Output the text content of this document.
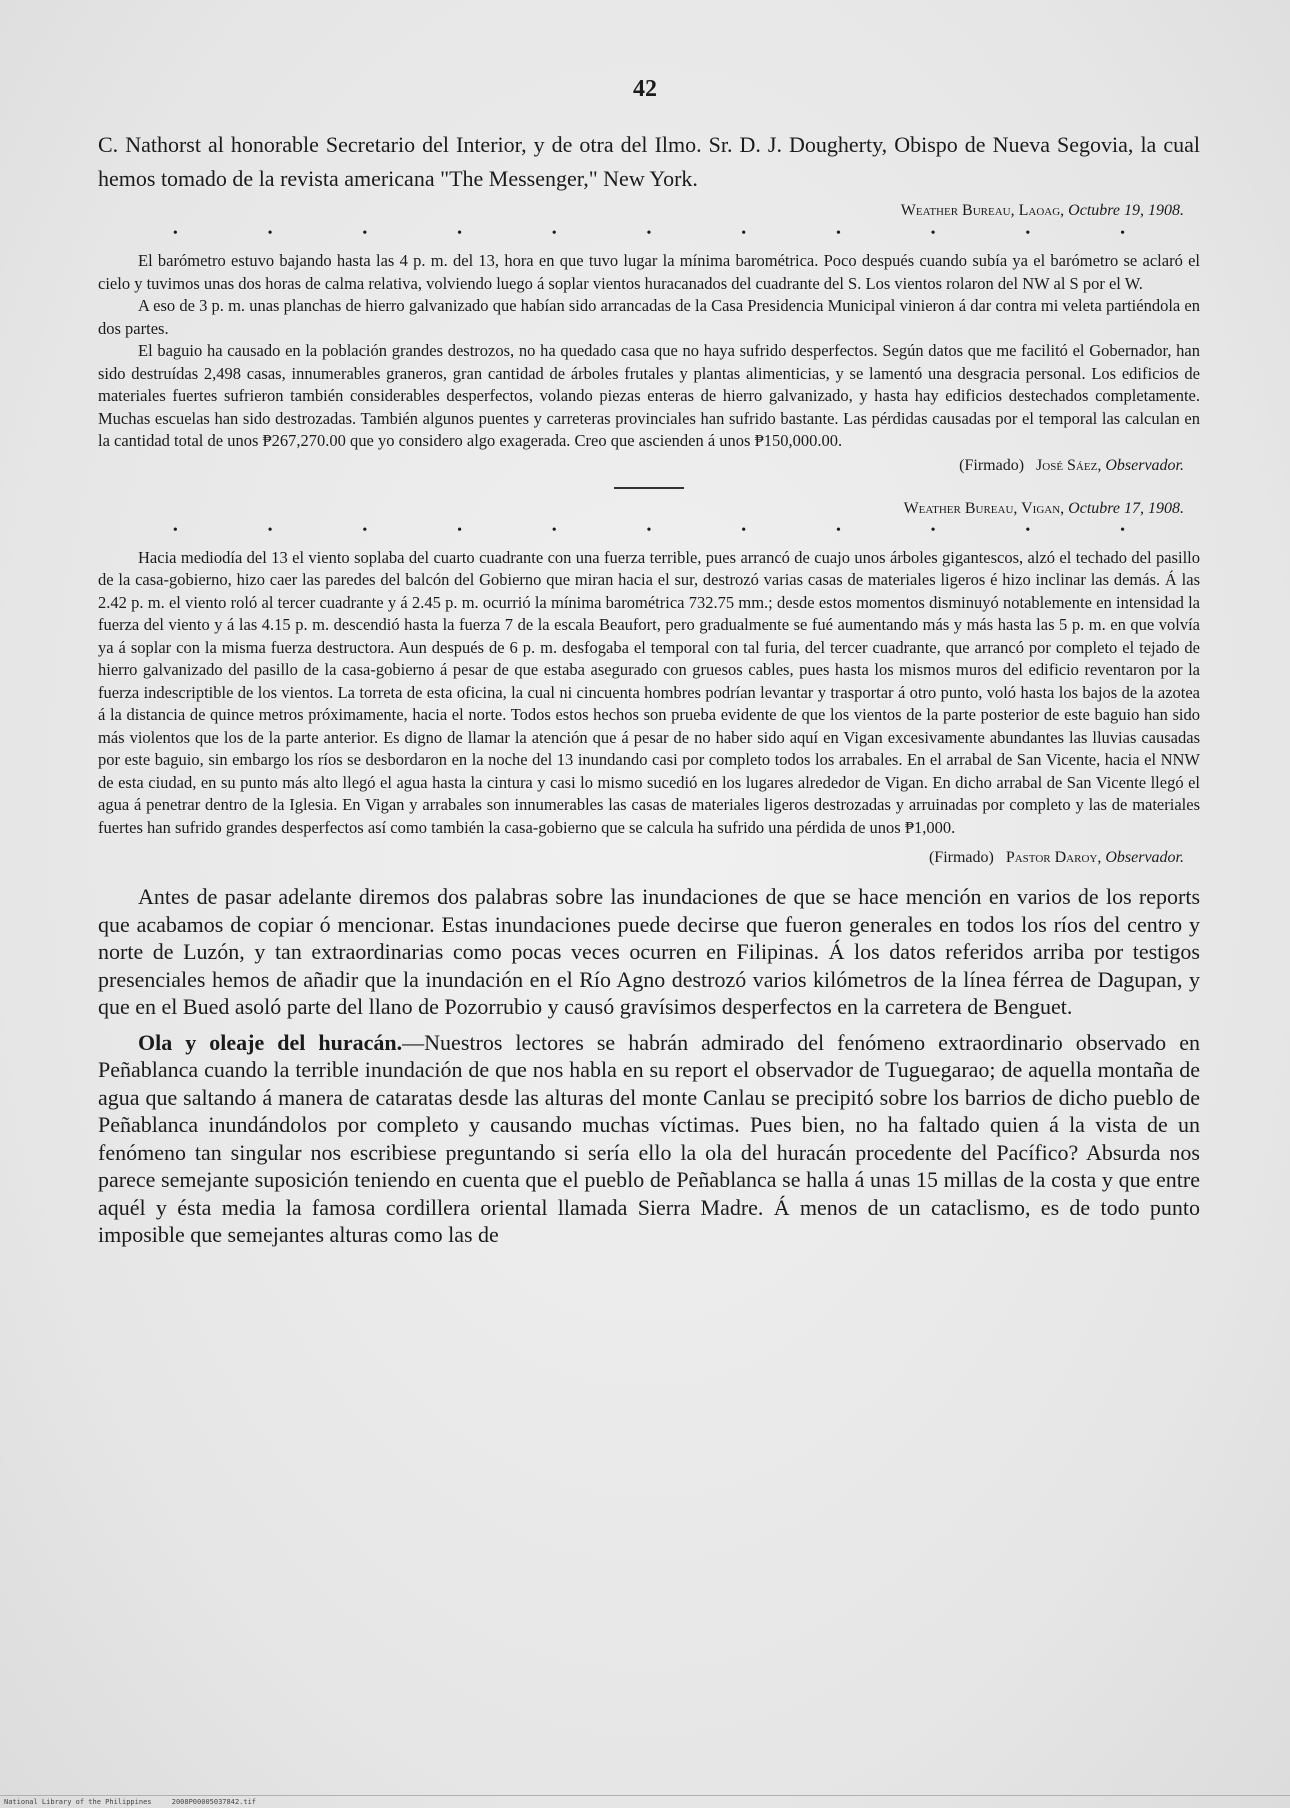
42
C. Nathorst al honorable Secretario del Interior, y de otra del Ilmo. Sr. D. J. Dougherty, Obispo de Nueva Segovia, la cual hemos tomado de la revista americana "The Messenger," New York.
Weather Bureau, Laoag, Octubre 19, 1908.
•	•	•	•	•	•	•	•	•	•	•

El barómetro estuvo bajando hasta las 4 p. m. del 13, hora en que tuvo lugar la mínima barométrica. Poco después cuando subía ya el barómetro se aclaró el cielo y tuvimos unas dos horas de calma relativa, volviendo luego á soplar vientos huracanados del cuadrante del S. Los vientos rolaron del NW al S por el W.

A eso de 3 p. m. unas planchas de hierro galvanizado que habían sido arrancadas de la Casa Presidencia Municipal vinieron á dar contra mi veleta partiéndola en dos partes.

El baguio ha causado en la población grandes destrozos, no ha quedado casa que no haya sufrido desperfectos. Según datos que me facilitó el Gobernador, han sido destruídas 2,498 casas, innumerables graneros, gran cantidad de árboles frutales y plantas alimenticias, y se lamentó una desgracia personal. Los edificios de materiales fuertes sufrieron también considerables desperfectos, volando piezas enteras de hierro galvanizado, y hasta hay edificios destechados completamente. Muchas escuelas han sido destrozadas. También algunos puentes y carreteras provinciales han sufrido bastante. Las pérdidas causadas por el temporal las calculan en la cantidad total de unos ₱267,270.00 que yo considero algo exagerada. Creo que ascienden á unos ₱150,000.00.

(Firmado) José Sáez, Observador.
Weather Bureau, Vigan, Octubre 17, 1908.
•	•	•	•	•	•	•	•	•	•	•

Hacia mediodía del 13 el viento soplaba del cuarto cuadrante con una fuerza terrible, pues arrancó de cuajo unos árboles gigantescos, alzó el techado del pasillo de la casa-gobierno, hizo caer las paredes del balcón del Gobierno que miran hacia el sur, destrozó varias casas de materiales ligeros é hizo inclinar las demás. Á las 2.42 p. m. el viento roló al tercer cuadrante y á 2.45 p. m. ocurrió la mínima barométrica 732.75 mm.; desde estos momentos disminuyó notablemente en intensidad la fuerza del viento y á las 4.15 p. m. descendió hasta la fuerza 7 de la escala Beaufort, pero gradualmente se fué aumentando más y más hasta las 5 p. m. en que volvía ya á soplar con la misma fuerza destructora. Aun después de 6 p. m. desfogaba el temporal con tal furia, del tercer cuadrante, que arrancó por completo el tejado de hierro galvanizado del pasillo de la casa-gobierno á pesar de que estaba asegurado con gruesos cables, pues hasta los mismos muros del edificio reventaron por la fuerza indescriptible de los vientos. La torreta de esta oficina, la cual ni cincuenta hombres podrían levantar y trasportar á otro punto, voló hasta los bajos de la azotea á la distancia de quince metros próximamente, hacia el norte. Todos estos hechos son prueba evidente de que los vientos de la parte posterior de este baguio han sido más violentos que los de la parte anterior. Es digno de llamar la atención que á pesar de no haber sido aquí en Vigan excesivamente abundantes las lluvias causadas por este baguio, sin embargo los ríos se desbordaron en la noche del 13 inundando casi por completo todos los arrabales. En el arrabal de San Vicente, hacia el NNW de esta ciudad, en su punto más alto llegó el agua hasta la cintura y casi lo mismo sucedió en los lugares alrededor de Vigan. En dicho arrabal de San Vicente llegó el agua á penetrar dentro de la Iglesia. En Vigan y arrabales son innumerables las casas de materiales ligeros destrozadas y arruinadas por completo y las de materiales fuertes han sufrido grandes desperfectos así como también la casa-gobierno que se calcula ha sufrido una pérdida de unos ₱1,000.

(Firmado) Pastor Daroy, Observador.

Antes de pasar adelante diremos dos palabras sobre las inundaciones de que se hace mención en varios de los reports que acabamos de copiar ó mencionar. Estas inundaciones puede decirse que fueron generales en todos los ríos del centro y norte de Luzón, y tan extraordinarias como pocas veces ocurren en Filipinas. Á los datos referidos arriba por testigos presenciales hemos de añadir que la inundación en el Río Agno destrozó varios kilómetros de la línea férrea de Dagupan, y que en el Bued asoló parte del llano de Pozorrubio y causó gravísimos desperfectos en la carretera de Benguet.

Ola y oleaje del huracán.—Nuestros lectores se habrán admirado del fenómeno extraordinario observado en Peñablanca cuando la terrible inundación de que nos habla en su report el observador de Tuguegarao; de aquella montaña de agua que saltando á manera de cataratas desde las alturas del monte Canlau se precipitó sobre los barrios de dicho pueblo de Peñablanca inundándolos por completo y causando muchas víctimas. Pues bien, no ha faltado quien á la vista de un fenómeno tan singular nos escribiese preguntando si sería ello la ola del huracán procedente del Pacífico? Absurda nos parece semejante suposición teniendo en cuenta que el pueblo de Peñablanca se halla á unas 15 millas de la costa y que entre aquél y ésta media la famosa cordillera oriental llamada Sierra Madre. Á menos de un cataclismo, es de todo punto imposible que semejantes alturas como las de

National Library of the Philippines	2008P00005037842.tif
